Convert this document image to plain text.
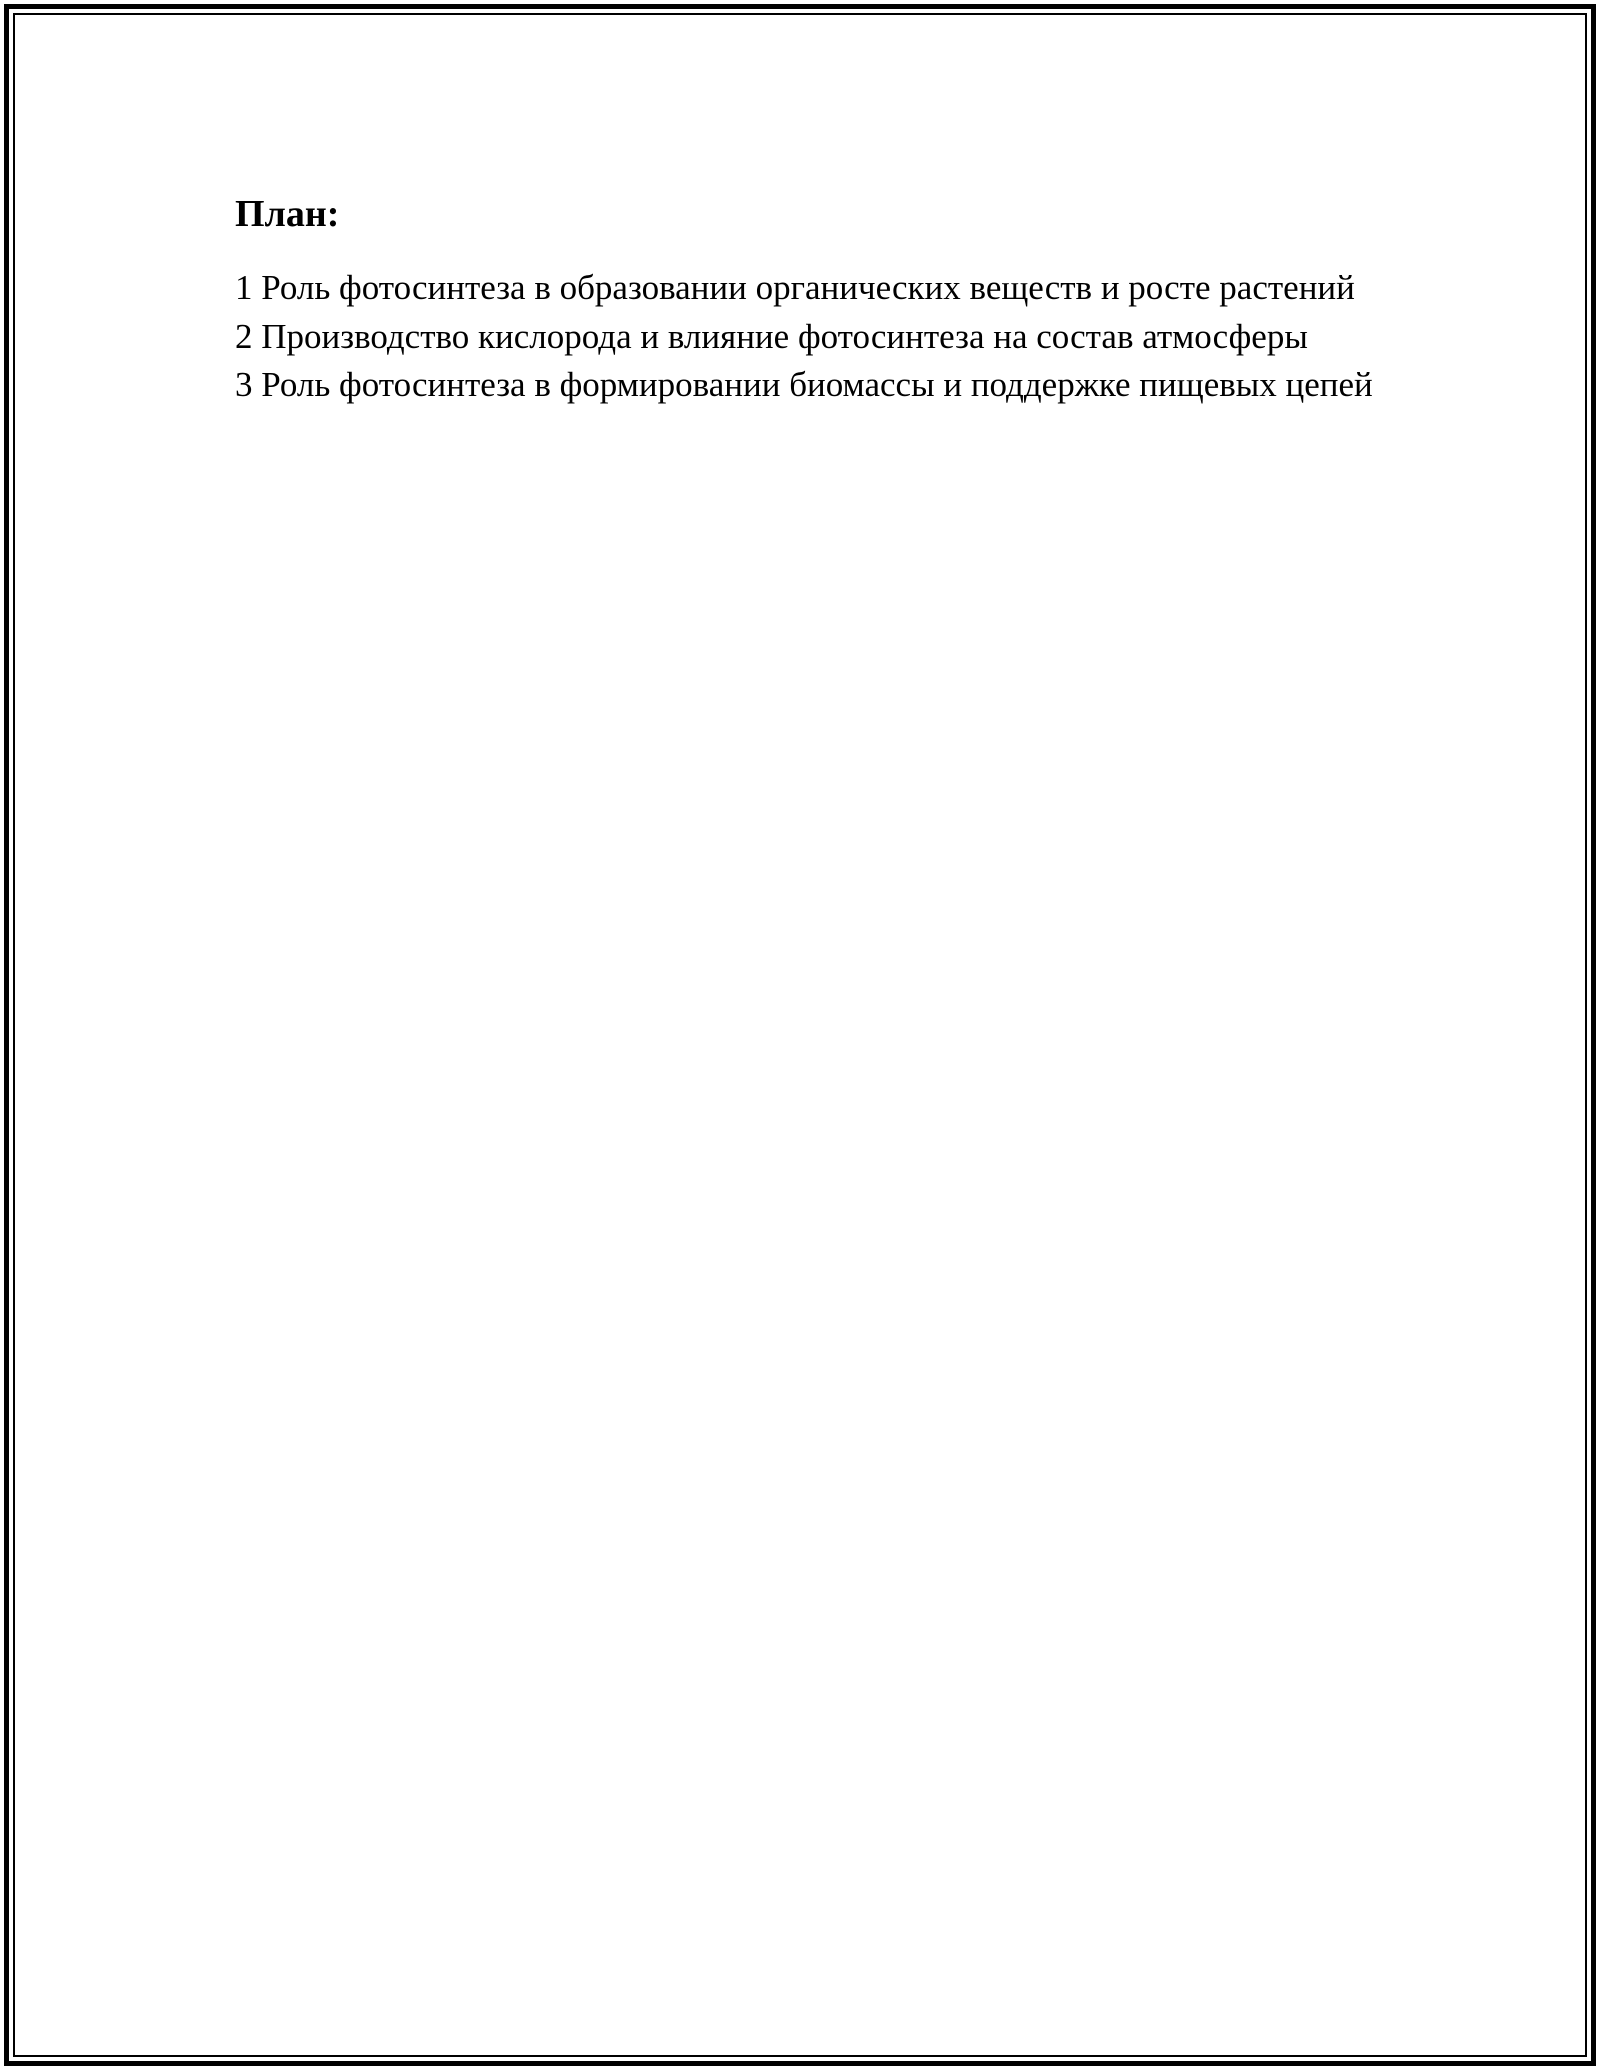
План:
1 Роль фотосинтеза в образовании органических веществ и росте растений
2 Производство кислорода и влияние фотосинтеза на состав атмосферы
3 Роль фотосинтеза в формировании биомассы и поддержке пищевых цепей
